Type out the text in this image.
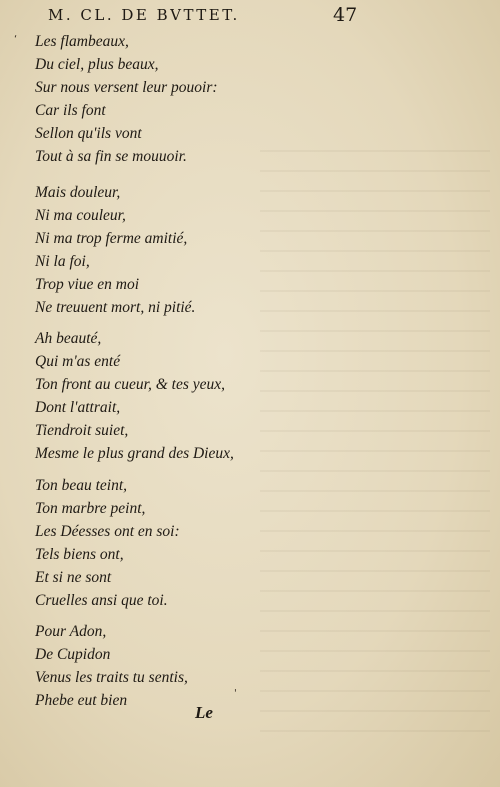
M. CL. DE BVTTET.	47
‘ Les flambeaux,
Du ciel, plus beaux,
Sur nous versent leur pouoir:
Car ils font
Sellon qu'ils vont
Tout à sa fin se mouuoir.
Mais douleur,
Ni ma couleur,
Ni ma trop ferme amitié,
Ni la foi,
Trop viue en moi
Ne treuuent mort, ni pitié.
Ah beauté,
Qui m'as enté
Ton front au cueur, & tes yeux,
Dont l'attrait,
Tiendroit suiet,
Mesme le plus grand des Dieux,
Ton beau teint,
Ton marbre peint,
Les Déesses ont en soi:
Tels biens ont,
Et si ne sont
Cruelles ansi que toi.
Pour Adon,
De Cupidon
Venus les traits tu sentis,
Phebe eut bien	'
Le
